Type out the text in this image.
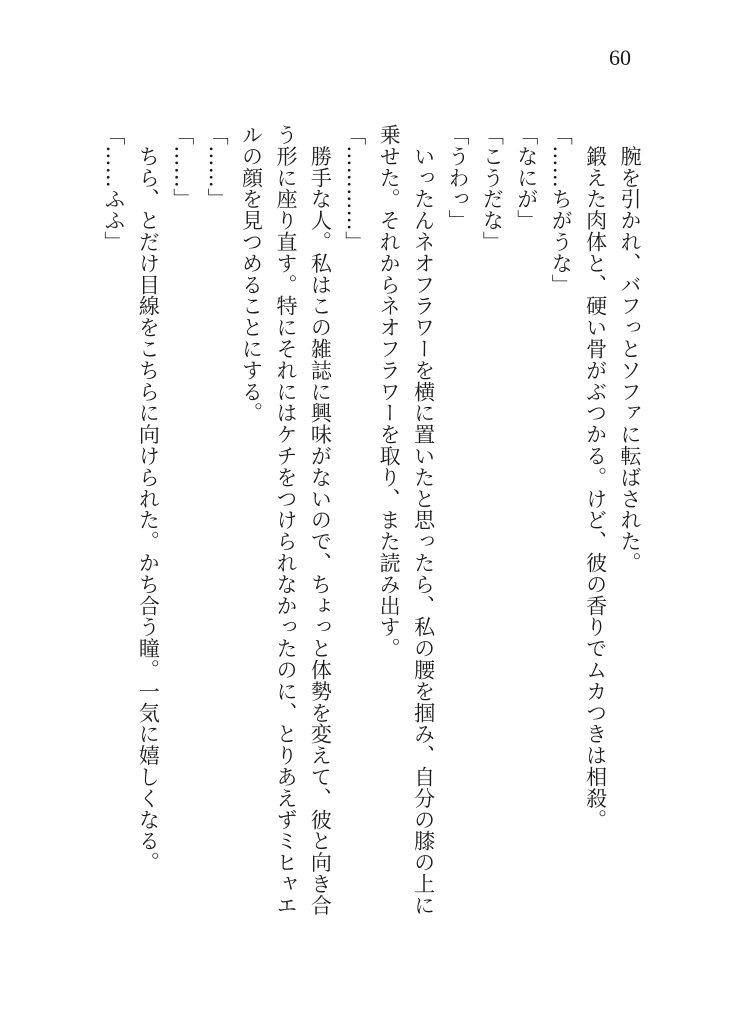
60

　腕を引かれ、バフっとソファに転ばされた。

　鍛えた肉体と、硬い骨がぶつかる。けど、彼の香りでムカつきは相殺。

「……ちがうな」

「なにが」

「こうだな」

「うわっ」

　いったんネオフラワーを横に置いたと思ったら、私の腰を掴み、自分の膝の上に

乗せた。それからネオフラワーを取り、また読み出す。

「…………」

　勝手な人。私はこの雑誌に興味がないので、ちょっと体勢を変えて、彼と向き合

う形に座り直す。特にそれにはケチをつけられなかったのに、とりあえずミヒャエ

ルの顔を見つめることにする。

「……」

「……」

　ちら、とだけ目線をこちらに向けられた。かち合う瞳。一気に嬉しくなる。

「……ふふ」
